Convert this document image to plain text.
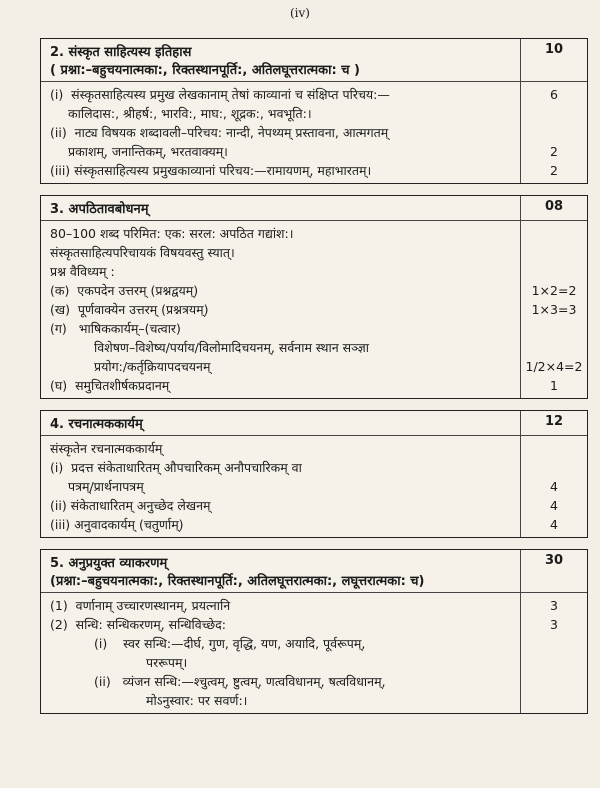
(iv)
2. संस्कृत साहित्यस्य इतिहास
( प्रश्ना:–बहुचयनात्मका:, रिक्तस्थानपूर्ति:, अतिलघूत्तरात्मका: च )
10
(i)  संस्कृतसाहित्यस्य प्रमुख लेखकानाम् तेषां काव्यानां च संक्षिप्त परिचय:—
कालिदास:, श्रीहर्ष:, भारवि:, माघ:, शूद्रक:, भवभूति:।
(ii)  नाट्य विषयक शब्दावली–परिचय: नान्दी, नेपथ्यम् प्रस्तावना, आत्मगतम्
प्रकाशम्, जनान्तिकम्, भरतवाक्यम्।
(iii) संस्कृतसाहित्यस्य प्रमुखकाव्यानां परिचय:—रामायणम्, महाभारतम्।
6

2
2
3. अपठितावबोधनम्	08
80–100 शब्द परिमित: एक: सरल: अपठित गद्यांश:।
संस्कृतसाहित्यपरिचायकं विषयवस्तु स्यात्।
प्रश्न वैविध्यम् :
(क)  एकपदेन उत्तरम् (प्रश्नद्वयम्)
(ख)  पूर्णवाक्येन उत्तरम् (प्रश्नत्रयम्)
(ग)   भाषिककार्यम्–(चत्वार)
विशेषण–विशेष्य/पर्याय/विलोमादिचयनम्, सर्वनाम स्थान सञ्ज्ञा
प्रयोग:/कर्तृक्रियापदचयनम्
(घ)  समुचितशीर्षकप्रदानम्

1×2=2
1×3=3

1/2×4=2
1
4. रचनात्मककार्यम्	12
संस्कृतेन रचनात्मककार्यम्
(i)  प्रदत्त संकेताधारितम् औपचारिकम् अनौपचारिकम् वा
पत्रम्/प्रार्थनापत्रम्
(ii) संकेताधारितम् अनुच्छेद लेखनम्
(iii) अनुवादकार्यम् (चतुर्णाम्)

4
4
4
5. अनुप्रयुक्त व्याकरणम्
(प्रश्ना:–बहुचयनात्मका:, रिक्तस्थानपूर्ति:, अतिलघूत्तरात्मका:, लघूत्तरात्मका: च)
30
(1)  वर्णानाम् उच्चारणस्थानम्, प्रयत्नानि
(2)  सन्धि: सन्धिकरणम्, सन्धिविच्छेद:
(i)    स्वर सन्धि:—दीर्घ, गुण, वृद्धि, यण, अयादि, पूर्वरूपम्,
पररूपम्।
(ii)   व्यंजन सन्धि:—श्चुत्वम्, ष्टुत्वम्, णत्वविधानम्, षत्वविधानम्,
मोऽनुस्वार: पर सवर्ण:।
3
3
